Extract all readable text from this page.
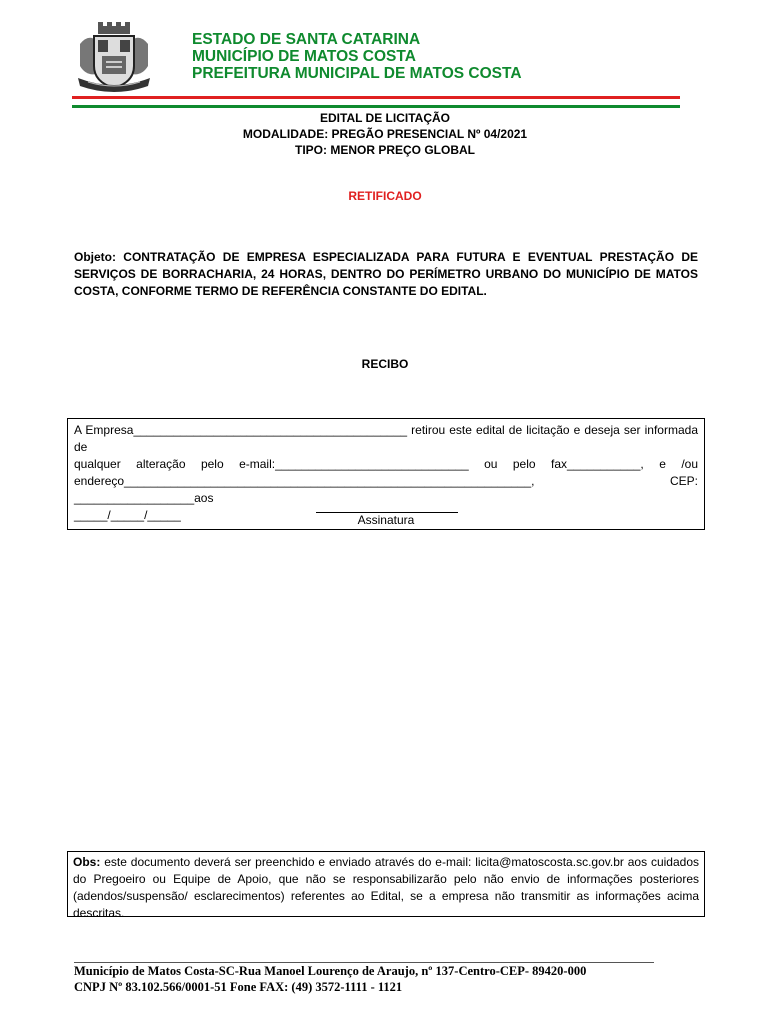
ESTADO DE SANTA CATARINA
MUNICÍPIO DE MATOS COSTA
PREFEITURA MUNICIPAL DE MATOS COSTA
EDITAL DE LICITAÇÃO
MODALIDADE: PREGÃO PRESENCIAL Nº 04/2021
TIPO: MENOR PREÇO GLOBAL
RETIFICADO
Objeto: CONTRATAÇÃO DE EMPRESA ESPECIALIZADA PARA FUTURA E EVENTUAL PRESTAÇÃO DE SERVIÇOS DE BORRACHARIA, 24 HORAS, DENTRO DO PERÍMETRO URBANO DO MUNICÍPIO DE MATOS COSTA, CONFORME TERMO DE REFERÊNCIA CONSTANTE DO EDITAL.
RECIBO
A Empresa_________________________________________ retirou este edital de licitação e deseja ser informada de
qualquer alteração pelo e-mail:_____________________________ ou pelo fax___________, e /ou
endereço_____________________________________________________________, CEP: __________________aos
_____/_____/_____	Assinatura
Obs: este documento deverá ser preenchido e enviado através do e-mail: licita@matoscosta.sc.gov.br aos cuidados do Pregoeiro ou Equipe de Apoio, que não se responsabilizarão pelo não envio de informações posteriores (adendos/suspensão/ esclarecimentos) referentes ao Edital, se a empresa não transmitir as informações acima descritas.
Município de Matos Costa-SC-Rua Manoel Lourenço de Araujo, nº 137-Centro-CEP- 89420-000
CNPJ Nº 83.102.566/0001-51 Fone FAX: (49) 3572-1111 - 1121
